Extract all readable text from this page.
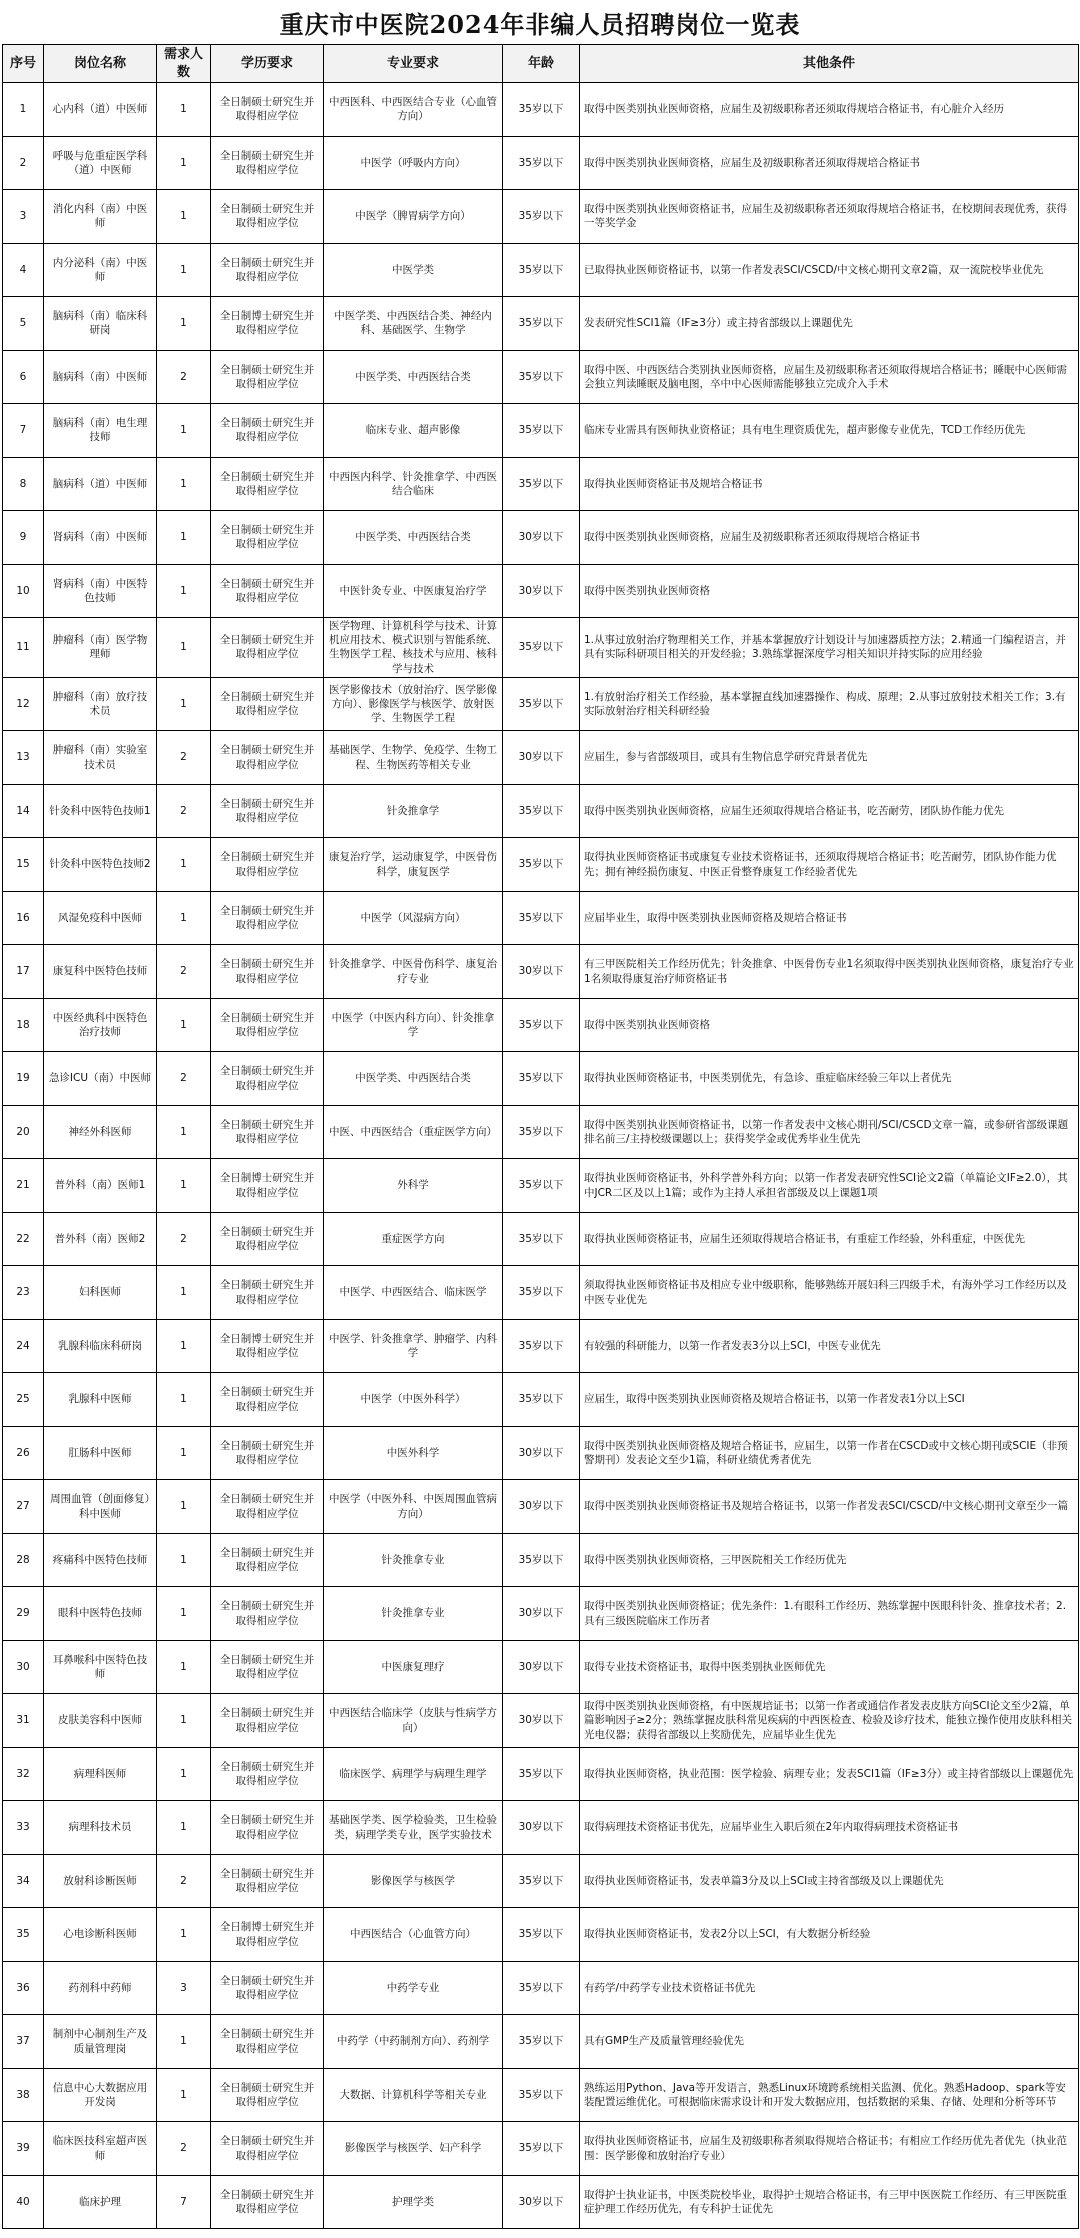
重庆市中医院2024年非编人员招聘岗位一览表
序号	岗位名称	需求人数	学历要求	专业要求	年龄	其他条件
1	心内科（道）中医师	1	全日制硕士研究生并取得相应学位	中西医科、中西医结合专业（心血管方向）	35岁以下	取得中医类别执业医师资格，应届生及初级职称者还须取得规培合格证书，有心脏介入经历
2	呼吸与危重症医学科（道）中医师	1	全日制硕士研究生并取得相应学位	中医学（呼吸内方向）	35岁以下	取得中医类别执业医师资格，应届生及初级职称者还须取得规培合格证书
3	消化内科（南）中医师	1	全日制硕士研究生并取得相应学位	中医学（脾胃病学方向）	35岁以下	取得中医类别执业医师资格证书，应届生及初级职称者还须取得规培合格证书，在校期间表现优秀，获得一等奖学金
4	内分泌科（南）中医师	1	全日制硕士研究生并取得相应学位	中医学类	35岁以下	已取得执业医师资格证书，以第一作者发表SCI/CSCD/中文核心期刊文章2篇，双一流院校毕业优先
5	脑病科（南）临床科研岗	1	全日制博士研究生并取得相应学位	中医学类、中西医结合类、神经内科、基础医学、生物学	35岁以下	发表研究性SCI1篇（IF≥3分）或主持省部级以上课题优先
6	脑病科（南）中医师	2	全日制硕士研究生并取得相应学位	中医学类、中西医结合类	35岁以下	取得中医、中西医结合类别执业医师资格，应届生及初级职称者还须取得规培合格证书；睡眠中心医师需会独立判读睡眠及脑电图，卒中中心医师需能够独立完成介入手术
7	脑病科（南）电生理技师	1	全日制硕士研究生并取得相应学位	临床专业、超声影像	35岁以下	临床专业需具有医师执业资格证；具有电生理资质优先，超声影像专业优先，TCD工作经历优先
8	脑病科（道）中医师	1	全日制硕士研究生并取得相应学位	中西医内科学、针灸推拿学、中西医结合临床	35岁以下	取得执业医师资格证书及规培合格证书
9	肾病科（南）中医师	1	全日制硕士研究生并取得相应学位	中医学类、中西医结合类	30岁以下	取得中医类别执业医师资格，应届生及初级职称者还须取得规培合格证书
10	肾病科（南）中医特色技师	1	全日制硕士研究生并取得相应学位	中医针灸专业、中医康复治疗学	30岁以下	取得中医类别执业医师资格
11	肿瘤科（南）医学物理师	1	全日制硕士研究生并取得相应学位	医学物理、计算机科学与技术、计算机应用技术、模式识别与智能系统、生物医学工程、核技术与应用、核科学与技术	35岁以下	1.从事过放射治疗物理相关工作，并基本掌握放疗计划设计与加速器质控方法；2.精通一门编程语言，并具有实际科研项目相关的开发经验；3.熟练掌握深度学习相关知识并持实际的应用经验
12	肿瘤科（南）放疗技术员	1	全日制硕士研究生并取得相应学位	医学影像技术（放射治疗、医学影像方向）、影像医学与核医学、放射医学、生物医学工程	35岁以下	1.有放射治疗相关工作经验，基本掌握直线加速器操作、构成、原理；2.从事过放射技术相关工作；3.有实际放射治疗相关科研经验
13	肿瘤科（南）实验室技术员	2	全日制硕士研究生并取得相应学位	基础医学、生物学、免疫学、生物工程、生物医药等相关专业	30岁以下	应届生，参与省部级项目，或具有生物信息学研究背景者优先
14	针灸科中医特色技师1	2	全日制硕士研究生并取得相应学位	针灸推拿学	35岁以下	取得中医类别执业医师资格，应届生还须取得规培合格证书，吃苦耐劳，团队协作能力优先
15	针灸科中医特色技师2	1	全日制硕士研究生并取得相应学位	康复治疗学，运动康复学，中医骨伤科学，康复医学	35岁以下	取得执业医师资格证书或康复专业技术资格证书，还须取得规培合格证书；吃苦耐劳，团队协作能力优先；拥有神经损伤康复、中医正骨整脊康复工作经验者优先
16	风湿免疫科中医师	1	全日制硕士研究生并取得相应学位	中医学（风湿病方向）	35岁以下	应届毕业生，取得中医类别执业医师资格及规培合格证书
17	康复科中医特色技师	2	全日制硕士研究生并取得相应学位	针灸推拿学、中医骨伤科学、康复治疗专业	30岁以下	有三甲医院相关工作经历优先；针灸推拿、中医骨伤专业1名须取得中医类别执业医师资格，康复治疗专业1名须取得康复治疗师资格证书
18	中医经典科中医特色治疗技师	1	全日制硕士研究生并取得相应学位	中医学（中医内科方向）、针灸推拿学	35岁以下	取得中医类别执业医师资格
19	急诊ICU（南）中医师	2	全日制硕士研究生并取得相应学位	中医学类、中西医结合类	35岁以下	取得执业医师资格证书，中医类别优先，有急诊、重症临床经验三年以上者优先
20	神经外科医师	1	全日制硕士研究生并取得相应学位	中医、中西医结合（重症医学方向）	35岁以下	取得中医类别执业医师资格证书，以第一作者发表中文核心期刊/SCI/CSCD文章一篇，或参研省部级课题排名前三/主持校级课题以上；获得奖学金或优秀毕业生优先
21	普外科（南）医师1	1	全日制博士研究生并取得相应学位	外科学	35岁以下	取得执业医师资格证书，外科学普外科方向；以第一作者发表研究性SCI论文2篇（单篇论文IF≥2.0），其中JCR二区及以上1篇；或作为主持人承担省部级及以上课题1项
22	普外科（南）医师2	2	全日制硕士研究生并取得相应学位	重症医学方向	35岁以下	取得执业医师资格证书，应届生还须取得规培合格证书，有重症工作经验，外科重症，中医优先
23	妇科医师	1	全日制硕士研究生并取得相应学位	中医学、中西医结合、临床医学	35岁以下	须取得执业医师资格证书及相应专业中级职称，能够熟练开展妇科三四级手术，有海外学习工作经历以及中医专业优先
24	乳腺科临床科研岗	1	全日制博士研究生并取得相应学位	中医学、针灸推拿学、肿瘤学、内科学	35岁以下	有较强的科研能力，以第一作者发表3分以上SCI，中医专业优先
25	乳腺科中医师	1	全日制硕士研究生并取得相应学位	中医学（中医外科学）	35岁以下	应届生，取得中医类别执业医师资格及规培合格证书，以第一作者发表1分以上SCI
26	肛肠科中医师	1	全日制硕士研究生并取得相应学位	中医外科学	30岁以下	取得中医类别执业医师资格及规培合格证书，应届生，以第一作者在CSCD或中文核心期刊或SCIE（非预警期刊）发表论文至少1篇，科研业绩优秀者优先
27	周围血管（创面修复）科中医师	1	全日制硕士研究生并取得相应学位	中医学（中医外科、中医周围血管病方向）	30岁以下	取得中医类别执业医师资格证书及规培合格证书，以第一作者发表SCI/CSCD/中文核心期刊文章至少一篇
28	疼痛科中医特色技师	1	全日制硕士研究生并取得相应学位	针灸推拿专业	35岁以下	取得中医类别执业医师资格，三甲医院相关工作经历优先
29	眼科中医特色技师	1	全日制硕士研究生并取得相应学位	针灸推拿专业	30岁以下	取得中医类别执业医师资格证；优先条件：1.有眼科工作经历、熟练掌握中医眼科针灸、推拿技术者；2.具有三级医院临床工作历者
30	耳鼻喉科中医特色技师	1	全日制硕士研究生并取得相应学位	中医康复理疗	30岁以下	取得专业技术资格证书，取得中医类别执业医师优先
31	皮肤美容科中医师	1	全日制硕士研究生并取得相应学位	中西医结合临床学（皮肤与性病学方向）	30岁以下	取得中医类别执业医师资格，有中医规培证书；以第一作者或通信作者发表皮肤方向SCI论文至少2篇，单篇影响因子≥2分；熟练掌握皮肤科常见疾病的中西医检查、检验及诊疗技术，能独立操作使用皮肤科相关光电仪器；获得省部级以上奖励优先，应届毕业生优先
32	病理科医师	1	全日制硕士研究生并取得相应学位	临床医学、病理学与病理生理学	35岁以下	取得执业医师资格，执业范围：医学检验、病理专业；发表SCI1篇（IF≥3分）或主持省部级以上课题优先
33	病理科技术员	1	全日制硕士研究生并取得相应学位	基础医学类、医学检验类，卫生检验类，病理学类专业，医学实验技术	30岁以下	取得病理技术资格证书优先，应届毕业生入职后须在2年内取得病理技术资格证书
34	放射科诊断医师	2	全日制硕士研究生并取得相应学位	影像医学与核医学	35岁以下	取得执业医师资格证书，发表单篇3分及以上SCI或主持省部级及以上课题优先
35	心电诊断科医师	1	全日制博士研究生并取得相应学位	中西医结合（心血管方向）	35岁以下	取得执业医师资格证书，发表2分以上SCI，有大数据分析经验
36	药剂科中药师	3	全日制硕士研究生并取得相应学位	中药学专业	35岁以下	有药学/中药学专业技术资格证书优先
37	制剂中心制剂生产及质量管理岗	1	全日制硕士研究生并取得相应学位	中药学（中药制剂方向）、药剂学	35岁以下	具有GMP生产及质量管理经验优先
38	信息中心大数据应用开发岗	1	全日制硕士研究生并取得相应学位	大数据、计算机科学等相关专业	35岁以下	熟练运用Python、Java等开发语言，熟悉Linux环境跨系统相关监测、优化。熟悉Hadoop、spark等安装配置运维优化。可根据临床需求设计和开发大数据应用，包括数据的采集、存储、处理和分析等环节
39	临床医技科室超声医师	2	全日制硕士研究生并取得相应学位	影像医学与核医学、妇产科学	35岁以下	取得执业医师资格证书，应届生及初级职称者须取得规培合格证书；有相应工作经历优先者优先（执业范围：医学影像和放射治疗专业）
40	临床护理	7	全日制硕士研究生并取得相应学位	护理学类	30岁以下	取得护士执业证书，中医类院校毕业，取得护士规培合格证书，有三甲中医医院工作经历、有三甲医院重症护理工作经历优先，有专科护士证优先
